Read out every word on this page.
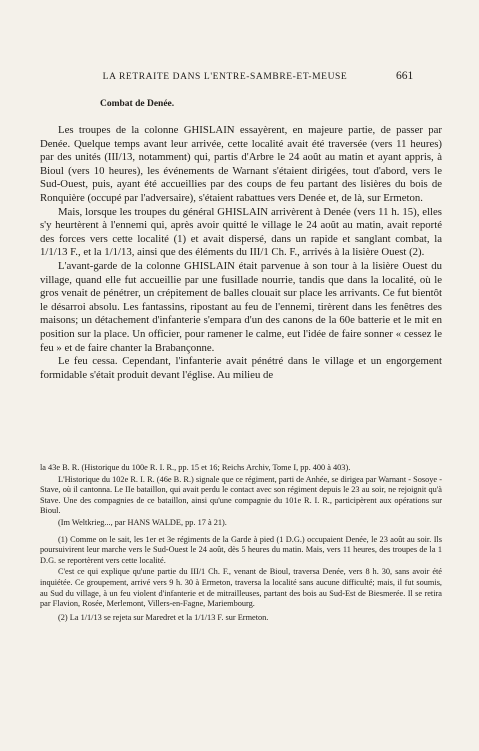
LA RETRAITE DANS L'ENTRE-SAMBRE-ET-MEUSE	661
Combat de Denée.

Les troupes de la colonne GHISLAIN essayèrent, en majeure partie, de passer par Denée. Quelque temps avant leur arrivée, cette localité avait été traversée (vers 11 heures) par des unités (III/13, notamment) qui, partis d'Arbre le 24 août au matin et ayant appris, à Bioul (vers 10 heures), les événements de Warnant s'étaient dirigées, tout d'abord, vers le Sud-Ouest, puis, ayant été accueillies par des coups de feu partant des lisières du bois de Ronquière (occupé par l'adversaire), s'étaient rabattues vers Denée et, de là, sur Ermeton.

Mais, lorsque les troupes du général GHISLAIN arrivèrent à Denée (vers 11 h. 15), elles s'y heurtèrent à l'ennemi qui, après avoir quitté le village le 24 août au matin, avait reporté des forces vers cette localité (1) et avait dispersé, dans un rapide et sanglant combat, la 1/1/13 F., et la 1/1/13, ainsi que des éléments du III/1 Ch. F., arrivés à la lisière Ouest (2).

L'avant-garde de la colonne GHISLAIN était parvenue à son tour à la lisière Ouest du village, quand elle fut accueillie par une fusillade nourrie, tandis que dans la localité, où le gros venait de pénétrer, un crépitement de balles clouait sur place les arrivants. Ce fut bientôt le désarroi absolu. Les fantassins, ripostant au feu de l'ennemi, tirèrent dans les fenêtres des maisons; un détachement d'infanterie s'empara d'un des canons de la 60e batterie et le mit en position sur la place. Un officier, pour ramener le calme, eut l'idée de faire sonner « cessez le feu » et de faire chanter la Brabançonne.

Le feu cessa. Cependant, l'infanterie avait pénétré dans le village et un engorgement formidable s'était produit devant l'église. Au milieu de

la 43e B. R. (Historique du 100e R. I. R., pp. 15 et 16; Reichs Archiv, Tome I, pp. 400 à 403).

L'Historique du 102e R. I. R. (46e B. R.) signale que ce régiment, parti de Anhée, se dirigea par Warnant - Sosoye - Stave, où il cantonna. Le IIe bataillon, qui avait perdu le contact avec son régiment depuis le 23 au soir, ne rejoignit qu'à Stave. Une des compagnies de ce bataillon, ainsi qu'une compagnie du 101e R. I. R., participèrent aux opérations sur Bioul.

(Im Weltkrieg..., par HANS WALDE, pp. 17 à 21).

(1) Comme on le sait, les 1er et 3e régiments de la Garde à pied (1 D.G.) occupaient Denée, le 23 août au soir. Ils poursuivirent leur marche vers le Sud-Ouest le 24 août, dès 5 heures du matin. Mais, vers 11 heures, des troupes de la 1 D.G. se reportèrent vers cette localité.

C'est ce qui explique qu'une partie du III/1 Ch. F., venant de Bioul, traversa Denée, vers 8 h. 30, sans avoir été inquiétée. Ce groupement, arrivé vers 9 h. 30 à Ermeton, traversa la localité sans aucune difficulté; mais, il fut soumis, au Sud du village, à un feu violent d'infanterie et de mitrailleuses, partant des bois au Sud-Est de Biesmerée. Il se retira par Flavion, Rosée, Merlemont, Villers-en-Fagne, Mariembourg.

(2) La 1/1/13 se rejeta sur Maredret et la 1/1/13 F. sur Ermeton.
